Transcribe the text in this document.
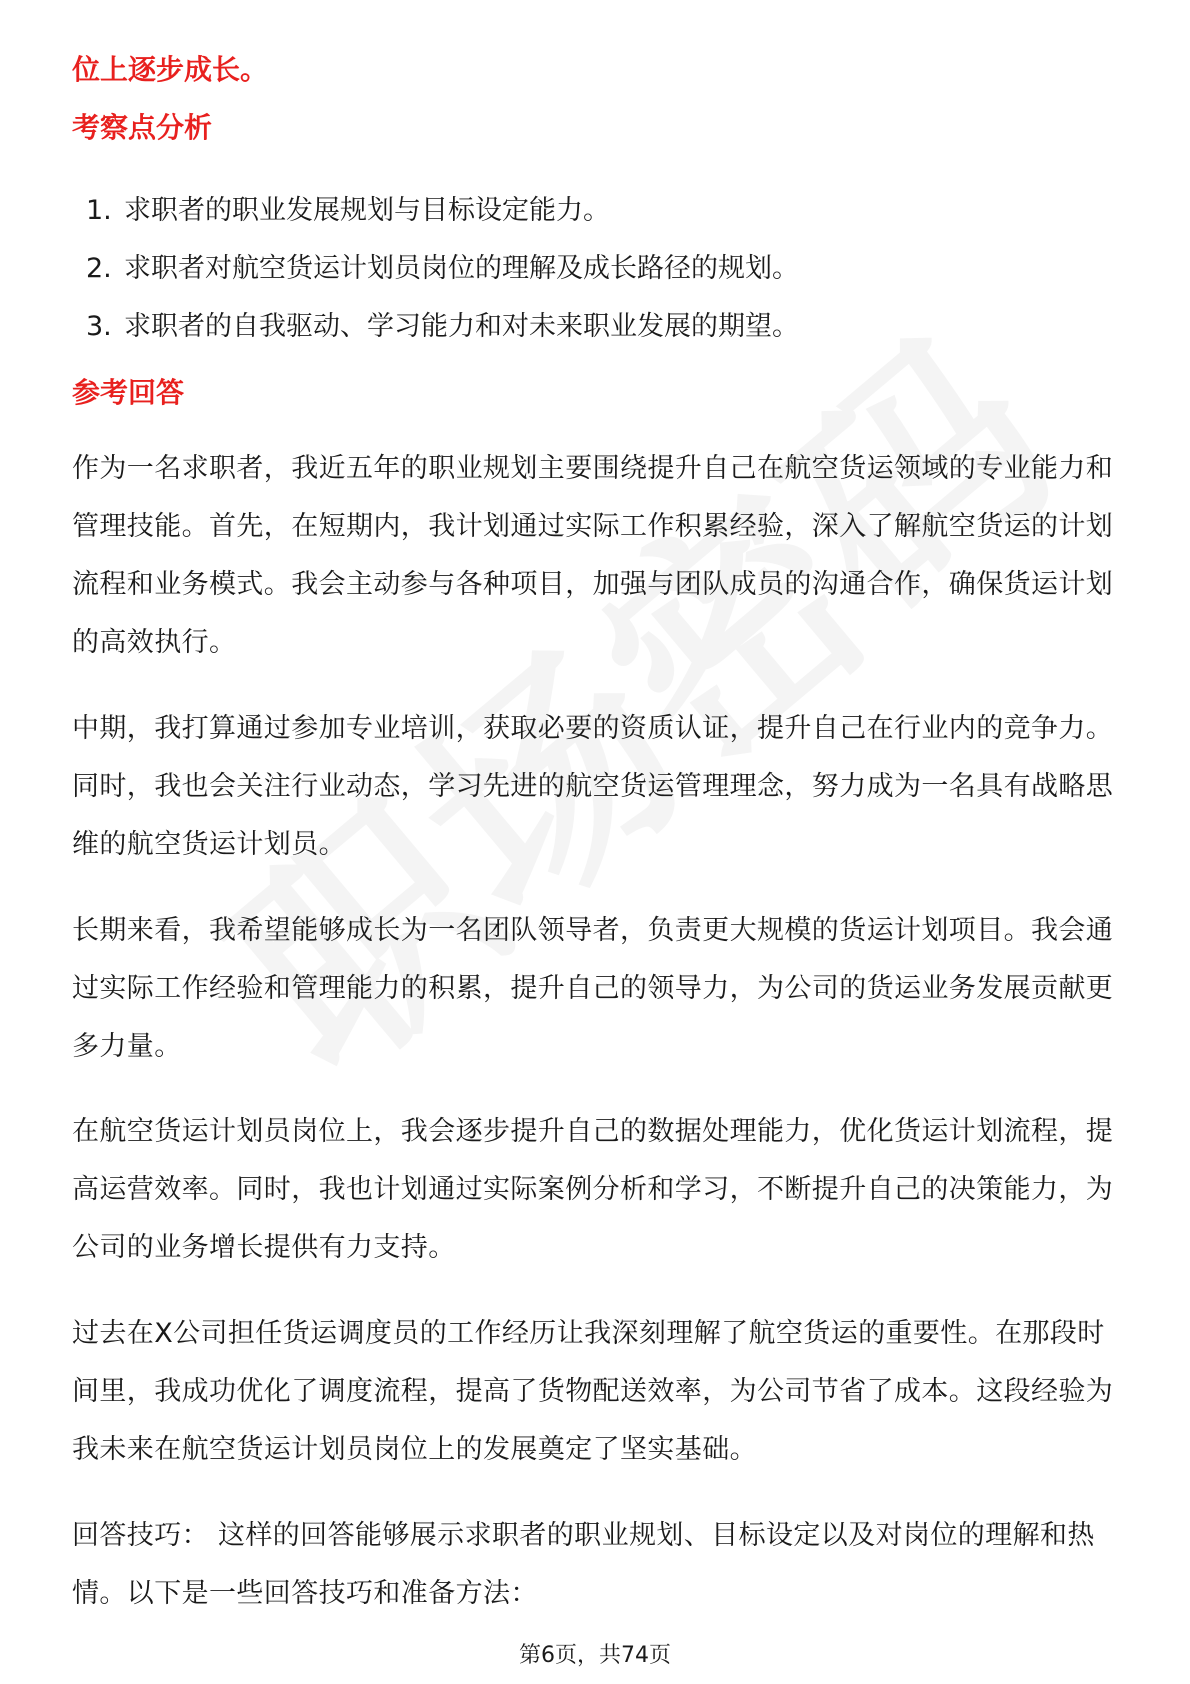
位上逐步成长。

考察点分析

1. 求职者的职业发展规划与目标设定能力。
2. 求职者对航空货运计划员岗位的理解及成长路径的规划。
3. 求职者的自我驱动、学习能力和对未来职业发展的期望。

参考回答

作为一名求职者，我近五年的职业规划主要围绕提升自己在航空货运领域的专业能力和管理技能。首先，在短期内，我计划通过实际工作积累经验，深入了解航空货运的计划流程和业务模式。我会主动参与各种项目，加强与团队成员的沟通合作，确保货运计划的高效执行。

中期，我打算通过参加专业培训，获取必要的资质认证，提升自己在行业内的竞争力。同时，我也会关注行业动态，学习先进的航空货运管理理念，努力成为一名具有战略思维的航空货运计划员。

长期来看，我希望能够成长为一名团队领导者，负责更大规模的货运计划项目。我会通过实际工作经验和管理能力的积累，提升自己的领导力，为公司的货运业务发展贡献更多力量。

在航空货运计划员岗位上，我会逐步提升自己的数据处理能力，优化货运计划流程，提高运营效率。同时，我也计划通过实际案例分析和学习，不断提升自己的决策能力，为公司的业务增长提供有力支持。

过去在X公司担任货运调度员的工作经历让我深刻理解了航空货运的重要性。在那段时间里，我成功优化了调度流程，提高了货物配送效率，为公司节省了成本。这段经验为我未来在航空货运计划员岗位上的发展奠定了坚实基础。

回答技巧： 这样的回答能够展示求职者的职业规划、目标设定以及对岗位的理解和热情。以下是一些回答技巧和准备方法：

第6页，共74页
